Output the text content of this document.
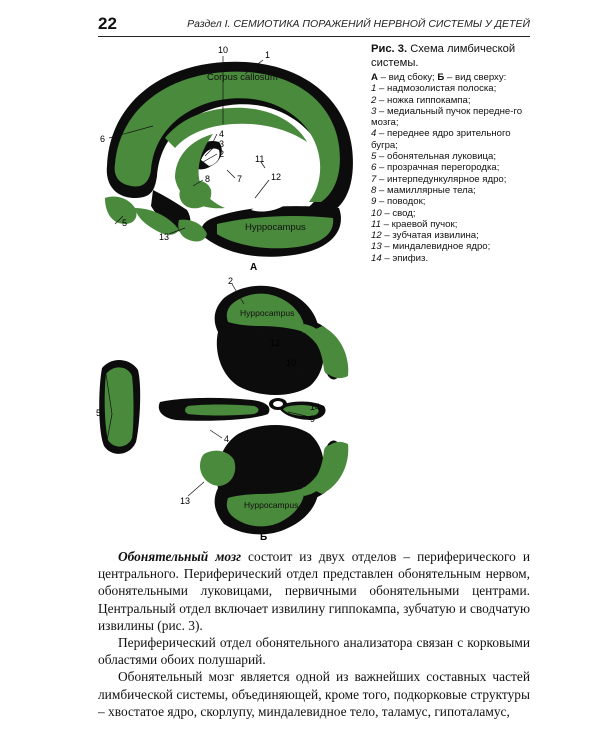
22	Раздел I. СЕМИОТИКА ПОРАЖЕНИЙ НЕРВНОЙ СИСТЕМЫ У ДЕТЕЙ
10	1
Corpus callosum
6	4
3
2
8	7
11
12
5	Hyppocampus
13
А
2
Hyppocampus
12
10
5
14
9
4
13	Hyppocampus
Б

Рис. 3. Схема лимбической системы.

А – вид сбоку; Б – вид сверху:

1 – надмозолистая полоска;
2 – ножка гиппокампа;
3 – медиальный пучок передне-го мозга;
4 – переднее ядро зрительного бугра;
5 – обонятельная луковица;
6 – прозрачная перегородка;
7 – интерпедункулярное ядро;
8 – мамиллярные тела;
9 – поводок;
10 – свод;
11 – краевой пучок;
12 – зубчатая извилина;
13 – миндалевидное ядро;
14 – эпифиз.

Обонятельный мозг состоит из двух отделов – периферического и центрального. Периферический отдел представлен обонятельным нервом, обонятельными луковицами, первичными обонятельными центрами. Центральный отдел включает извилину гиппокампа, зубчатую и сводчатую извилины (рис. 3).

Периферический отдел обонятельного анализатора связан с корковыми областями обоих полушарий.

Обонятельный мозг является одной из важнейших составных частей лимбической системы, объединяющей, кроме того, подкорковые структуры – хвостатое ядро, скорлупу, миндалевидное тело, таламус, гипоталамус,
